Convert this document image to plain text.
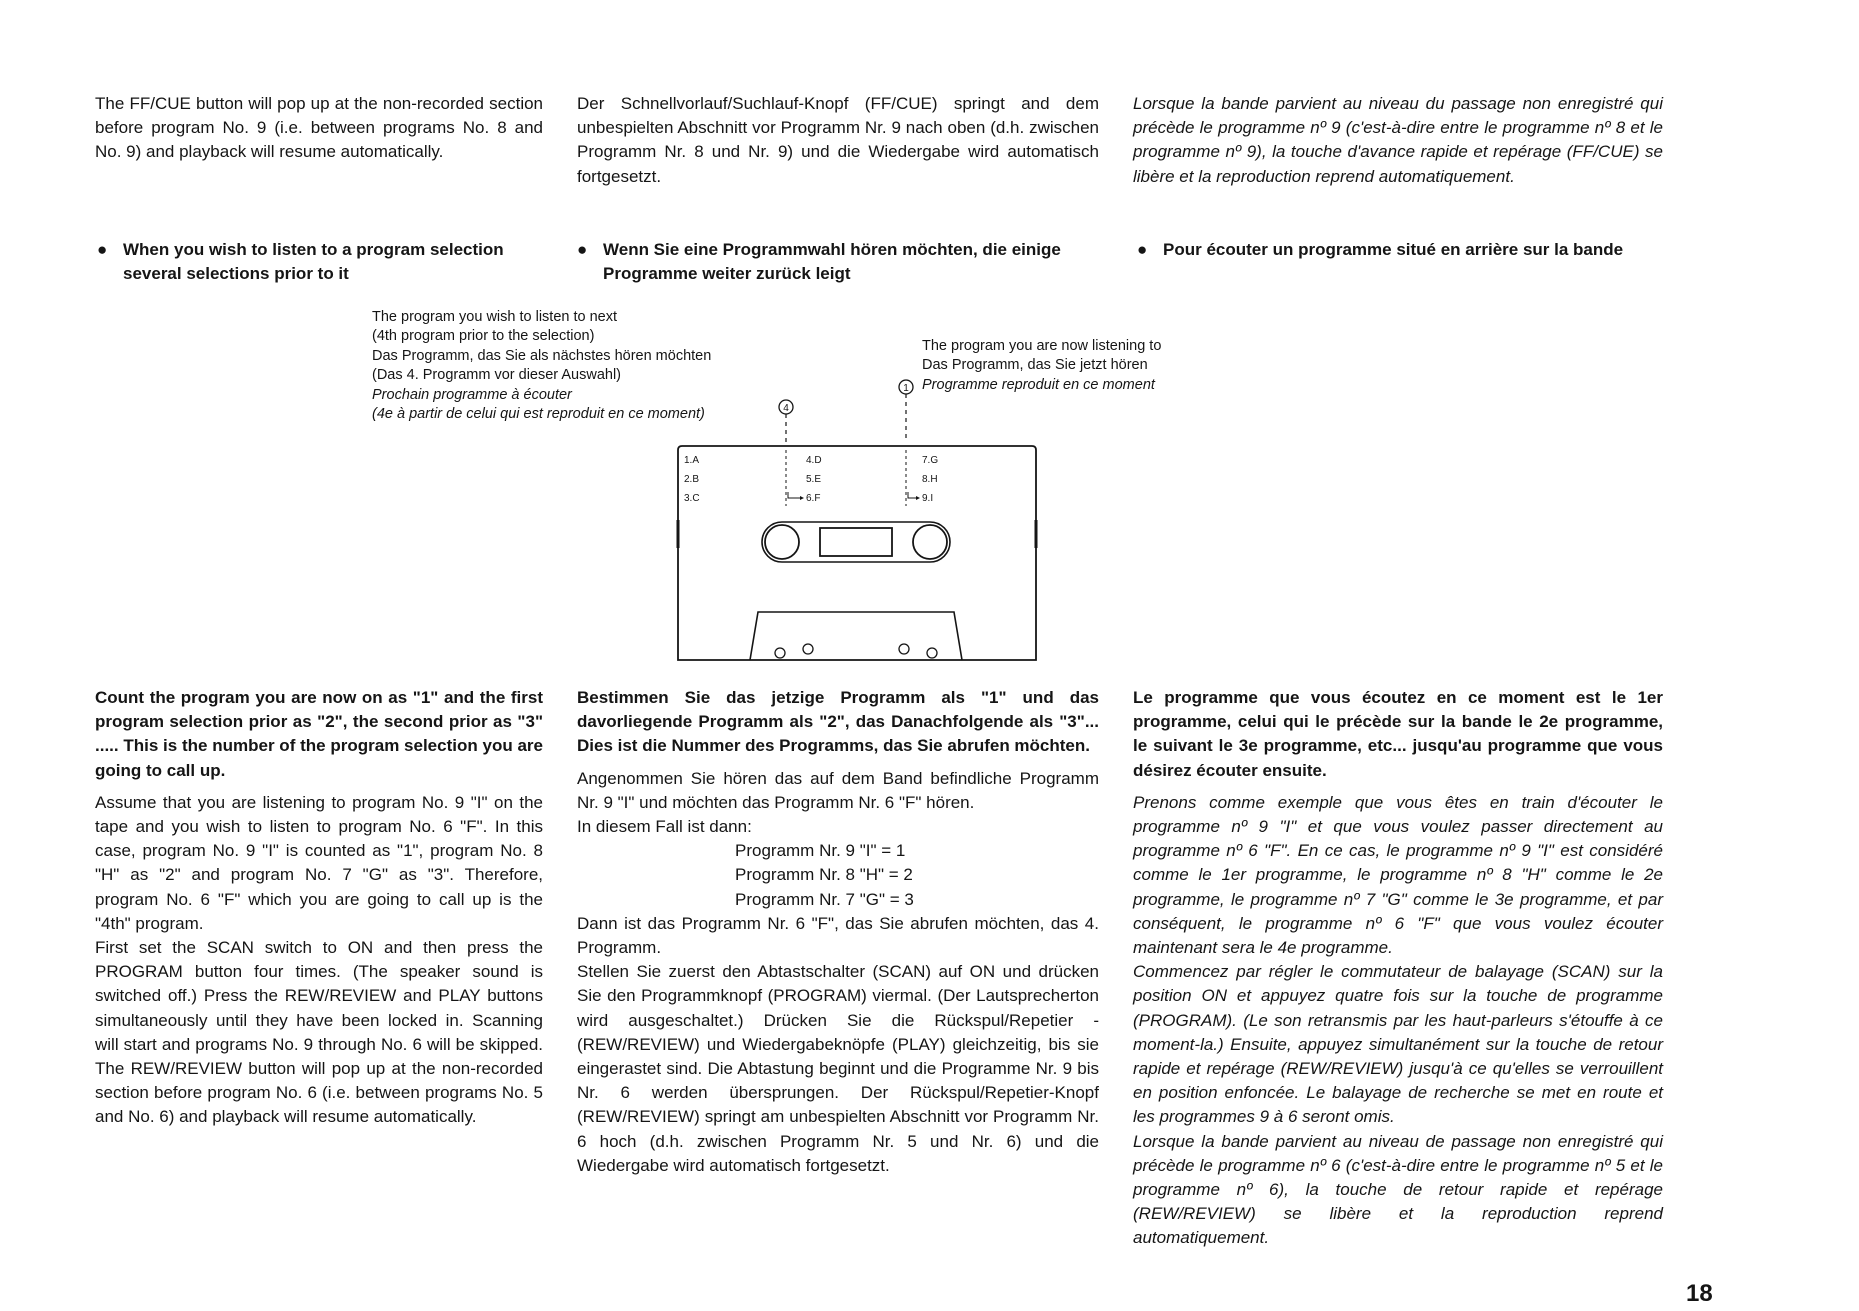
The FF/CUE button will pop up at the non-recorded section before program No. 9 (i.e. between programs No. 8 and No. 9) and playback will resume automatically.

Der Schnellvorlauf/Suchlauf-Knopf (FF/CUE) springt and dem unbespielten Abschnitt vor Programm Nr. 9 nach oben (d.h. zwischen Programm Nr. 8 und Nr. 9) und die Wiedergabe wird automatisch fortgesetzt.

Lorsque la bande parvient au niveau du passage non enregistré qui précède le programme nº 9 (c'est-à-dire entre le programme nº 8 et le programme nº 9), la touche d'avance rapide et repérage (FF/CUE) se libère et la reproduction reprend automatiquement.

● When you wish to listen to a program selection
several selections prior to it
● Wenn Sie eine Programmwahl hören möchten, die einige
Programme weiter zurück leigt
● Pour écouter un programme situé en arrière sur la bande
The program you wish to listen to next
(4th program prior to the selection)
Das Programm, das Sie als nächstes hören möchten
(Das 4. Programm vor dieser Auswahl)
Prochain programme à écouter
(4e à partir de celui qui est reproduit en ce moment)
The program you are now listening to
Das Programm, das Sie jetzt hören
Programme reproduit en ce moment
4
1
1.A
2.B
3.C
4.D
5.E
6.F
7.G
8.H
9.I

Count the program you are now on as "1" and the first program selection prior as "2", the second prior as "3" ..... This is the number of the program selection you are going to call up.

Assume that you are listening to program No. 9 "I" on the tape and you wish to listen to program No. 6 "F". In this case, program No. 9 "I" is counted as "1", program No. 8 "H" as "2" and program No. 7 "G" as "3". Therefore, program No. 6 "F" which you are going to call up is the "4th" program.

First set the SCAN switch to ON and then press the PROGRAM button four times. (The speaker sound is switched off.) Press the REW/REVIEW and PLAY buttons simultaneously until they have been locked in. Scanning will start and programs No. 9 through No. 6 will be skipped. The REW/REVIEW button will pop up at the non-recorded section before program No. 6 (i.e. between programs No. 5 and No. 6) and playback will resume automatically.

Bestimmen Sie das jetzige Programm als "1" und das davorliegende Programm als "2", das Danachfolgende als "3"... Dies ist die Nummer des Programms, das Sie abrufen möchten.

Angenommen Sie hören das auf dem Band befindliche Programm Nr. 9 "I" und möchten das Programm Nr. 6 "F" hören.

In diesem Fall ist dann:

Programm Nr. 9 "I" = 1

Programm Nr. 8 "H" = 2

Programm Nr. 7 "G" = 3

Dann ist das Programm Nr. 6 "F", das Sie abrufen möchten, das 4. Programm.

Stellen Sie zuerst den Abtastschalter (SCAN) auf ON und drücken Sie den Programmknopf (PROGRAM) viermal. (Der Lautsprecherton wird ausgeschaltet.) Drücken Sie die Rückspul/Repetier - (REW/REVIEW) und Wiedergabeknöpfe (PLAY) gleichzeitig, bis sie eingerastet sind. Die Abtastung beginnt und die Programme Nr. 9 bis Nr. 6 werden übersprungen. Der Rückspul/Repetier-Knopf (REW/REVIEW) springt am unbespielten Abschnitt vor Programm Nr. 6 hoch (d.h. zwischen Programm Nr. 5 und Nr. 6) und die Wiedergabe wird automatisch fortgesetzt.

Le programme que vous écoutez en ce moment est le 1er programme, celui qui le précède sur la bande le 2e programme, le suivant le 3e programme, etc... jusqu'au programme que vous désirez écouter ensuite.

Prenons comme exemple que vous êtes en train d'écouter le programme nº 9 "I" et que vous voulez passer directement au programme nº 6 "F". En ce cas, le programme nº 9 "I" est considéré comme le 1er programme, le programme nº 8 "H" comme le 2e programme, le programme nº 7 "G" comme le 3e programme, et par conséquent, le programme nº 6 "F" que vous voulez écouter maintenant sera le 4e programme.

Commencez par régler le commutateur de balayage (SCAN) sur la position ON et appuyez quatre fois sur la touche de programme (PROGRAM). (Le son retransmis par les haut-parleurs s'étouffe à ce moment-la.) Ensuite, appuyez simultanément sur la touche de retour rapide et repérage (REW/REVIEW) jusqu'à ce qu'elles se verrouillent en position enfoncée. Le balayage de recherche se met en route et les programmes 9 à 6 seront omis.

Lorsque la bande parvient au niveau de passage non enregistré qui précède le programme nº 6 (c'est-à-dire entre le programme nº 5 et le programme nº 6), la touche de retour rapide et repérage (REW/REVIEW) se libère et la reproduction reprend automatiquement.

18
